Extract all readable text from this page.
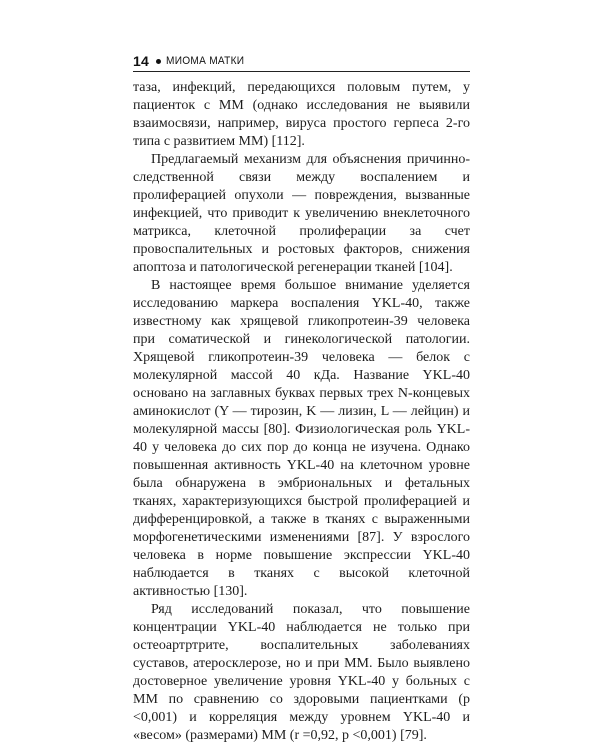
14 МИОМА МАТКИ

таза, инфекций, передающихся половым путем, у пациенток с ММ (однако исследования не выявили взаимосвязи, например, вируса простого герпеса 2-го типа с развитием ММ) [112].

Предлагаемый механизм для объяснения причинно-следственной связи между воспалением и пролиферацией опухоли — повреждения, вызванные инфекцией, что приводит к увеличению внеклеточного матрикса, клеточной пролиферации за счет провоспалительных и ростовых факторов, снижения апоптоза и патологической регенерации тканей [104].

В настоящее время большое внимание уделяется исследованию маркера воспаления YKL-40, также известному как хрящевой гликопротеин-39 человека при соматической и гинекологической патологии. Хрящевой гликопротеин-39 человека — белок с молекулярной массой 40 кДа. Название YKL-40 основано на заглавных буквах первых трех N-концевых аминокислот (Y — тирозин, K — лизин, L — лейцин) и молекулярной массы [80]. Физиологическая роль YKL-40 у человека до сих пор до конца не изучена. Однако повышенная активность YKL-40 на клеточном уровне была обнаружена в эмбриональных и фетальных тканях, характеризующихся быстрой пролиферацией и дифференцировкой, а также в тканях с выраженными морфогенетическими изменениями [87]. У взрослого человека в норме повышение экспрессии YKL-40 наблюдается в тканях с высокой клеточной активностью [130].

Ряд исследований показал, что повышение концентрации YKL-40 наблюдается не только при остеоартртрите, воспалительных заболеваниях суставов, атеросклерозе, но и при ММ. Было выявлено достоверное увеличение уровня YKL-40 у больных с ММ по сравнению со здоровыми пациентками (p <0,001) и корреляция между уровнем YKL-40 и «весом» (размерами) ММ (r =0,92, p <0,001) [79].
